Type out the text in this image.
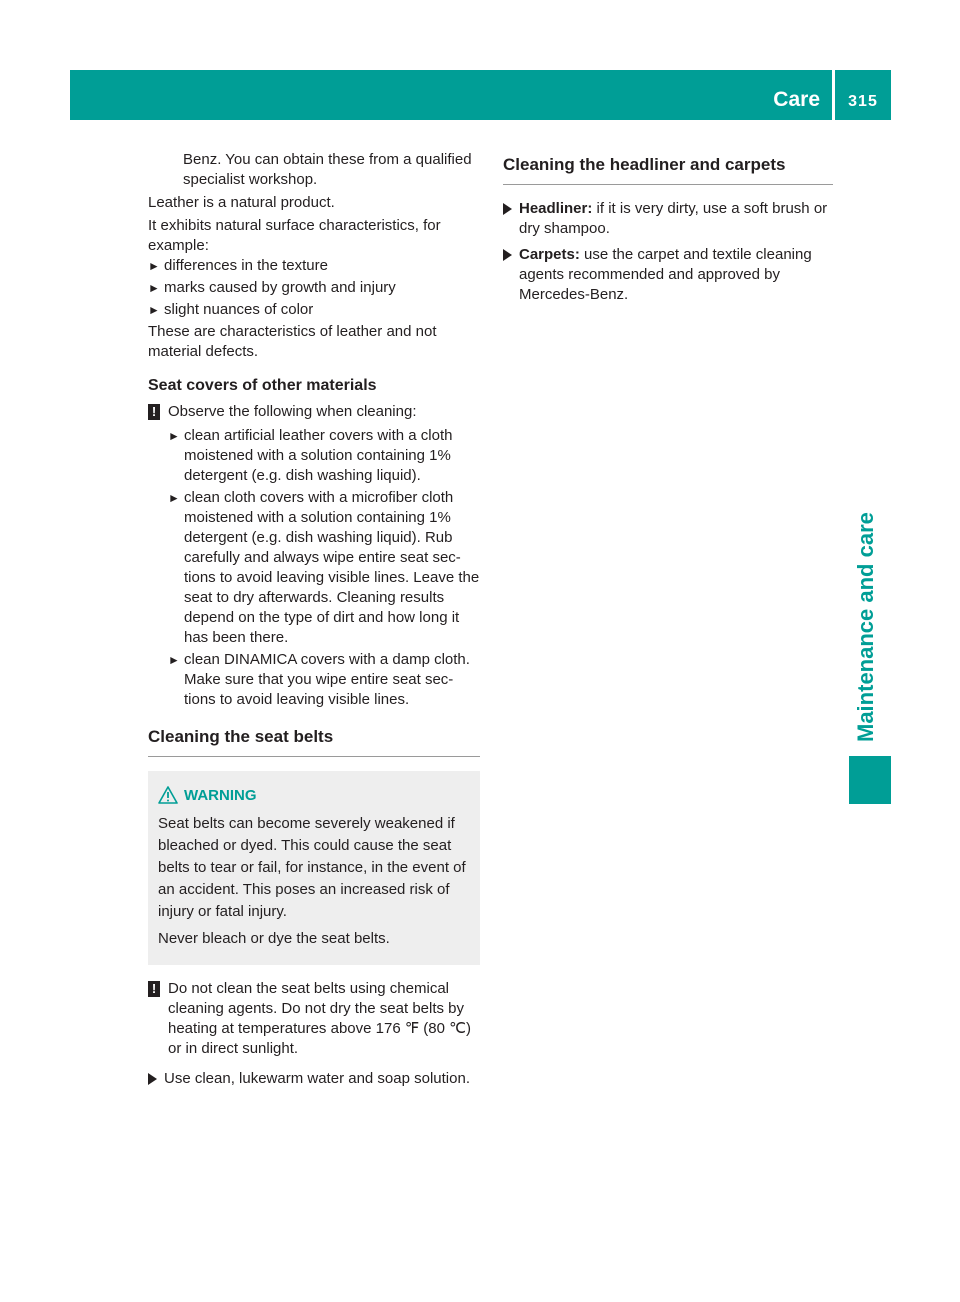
Care	315
Maintenance and care

Benz. You can obtain these from a qualified specialist workshop.

Leather is a natural product.

It exhibits natural surface characteristics, for example:

► differences in the texture
► marks caused by growth and injury
► slight nuances of color

These are characteristics of leather and not material defects.

Seat covers of other materials
! Observe the following when cleaning:
► clean artificial leather covers with a cloth moistened with a solution containing 1% detergent (e.g. dish washing liquid).
► clean cloth covers with a microfiber cloth moistened with a solution containing 1% detergent (e.g. dish washing liquid). Rub carefully and always wipe entire seat sec-tions to avoid leaving visible lines. Leave the seat to dry afterwards. Cleaning results depend on the type of dirt and how long it has been there.
► clean DINAMICA covers with a damp cloth. Make sure that you wipe entire seat sec-tions to avoid leaving visible lines.
Cleaning the seat belts
WARNING

Seat belts can become severely weakened if bleached or dyed. This could cause the seat belts to tear or fail, for instance, in the event of an accident. This poses an increased risk of injury or fatal injury.

Never bleach or dye the seat belts.

! Do not clean the seat belts using chemical cleaning agents. Do not dry the seat belts by heating at temperatures above 176 ℉ (80 ℃) or in direct sunlight.
Use clean, lukewarm water and soap solution.
Cleaning the headliner and carpets
Headliner: if it is very dirty, use a soft brush or dry shampoo.
Carpets: use the carpet and textile cleaning agents recommended and approved by Mercedes-Benz.
